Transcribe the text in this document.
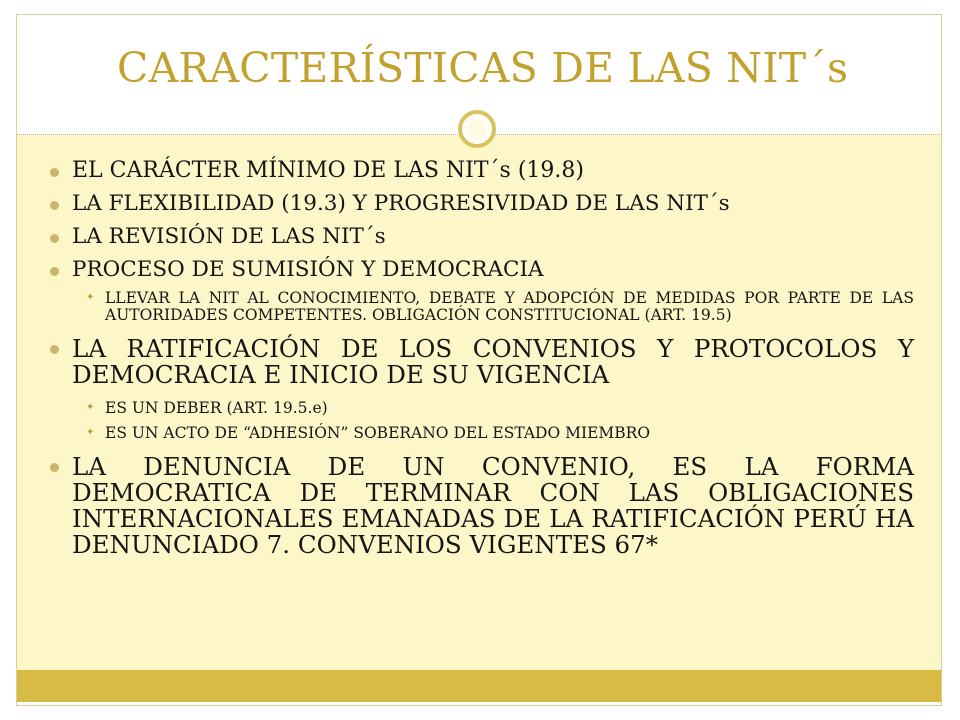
CARACTERÍSTICAS DE LAS NIT´s
EL CARÁCTER MÍNIMO DE LAS NIT´s (19.8)
LA FLEXIBILIDAD (19.3) Y PROGRESIVIDAD DE LAS NIT´s
LA REVISIÓN DE LAS NIT´s
PROCESO DE SUMISIÓN Y DEMOCRACIA
✦ LLEVAR LA NIT AL CONOCIMIENTO, DEBATE Y ADOPCIÓN DE MEDIDAS POR PARTE DE LAS AUTORIDADES COMPETENTES. OBLIGACIÓN CONSTITUCIONAL (ART. 19.5)
LA RATIFICACIÓN DE LOS CONVENIOS Y PROTOCOLOS Y DEMOCRACIA E INICIO DE SU VIGENCIA
✦ ES UN DEBER (ART. 19.5.e)
✦ ES UN ACTO DE “ADHESIÓN” SOBERANO DEL ESTADO MIEMBRO
LA DENUNCIA DE UN CONVENIO, ES LA FORMA DEMOCRATICA DE TERMINAR CON LAS OBLIGACIONES INTERNACIONALES EMANADAS DE LA RATIFICACIÓN PERÚ HA DENUNCIADO 7. CONVENIOS VIGENTES 67*
